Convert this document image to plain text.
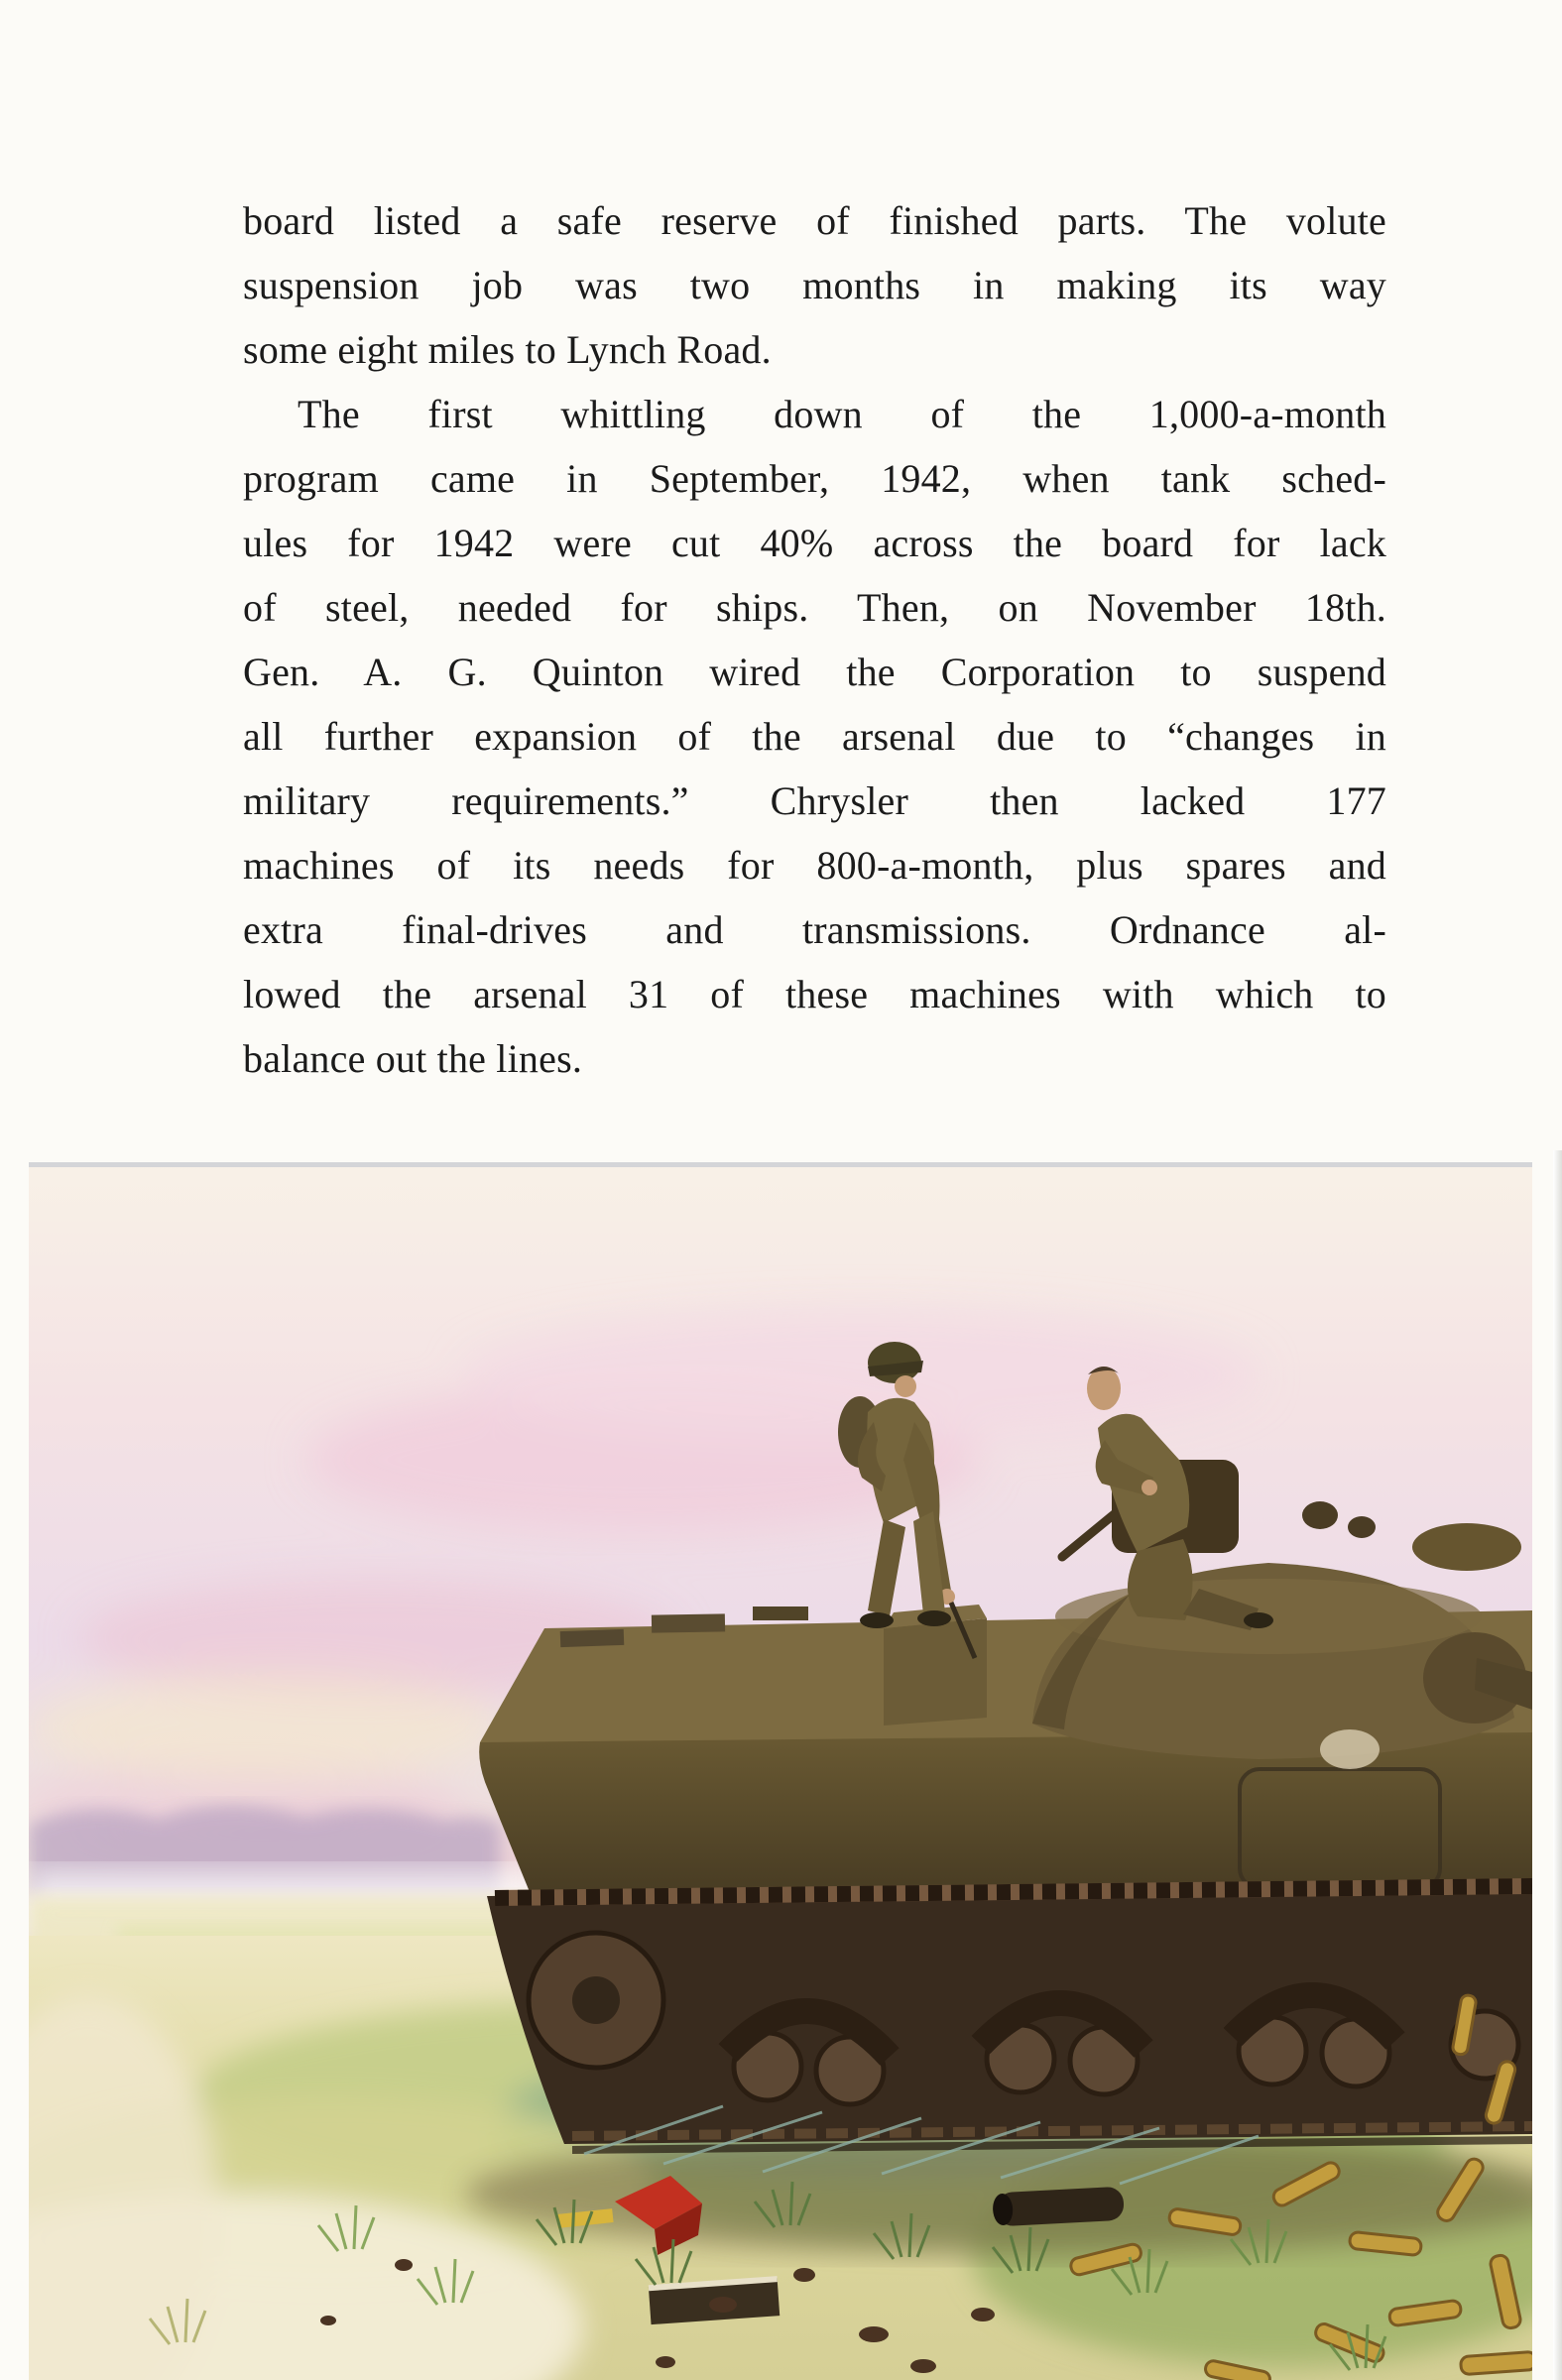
board listed a safe reserve of finished parts. The volute
suspension job was two months in making its way
some eight miles to Lynch Road.
The first whittling down of the 1,000-a-month
program came in September, 1942, when tank sched-
ules for 1942 were cut 40% across the board for lack
of steel, needed for ships. Then, on November 18th.
Gen. A. G. Quinton wired the Corporation to suspend
all further expansion of the arsenal due to “changes in
military requirements.” Chrysler then lacked 177
machines of its needs for 800-a-month, plus spares and
extra final-drives and transmissions. Ordnance al-
lowed the arsenal 31 of these machines with which to
balance out the lines.
